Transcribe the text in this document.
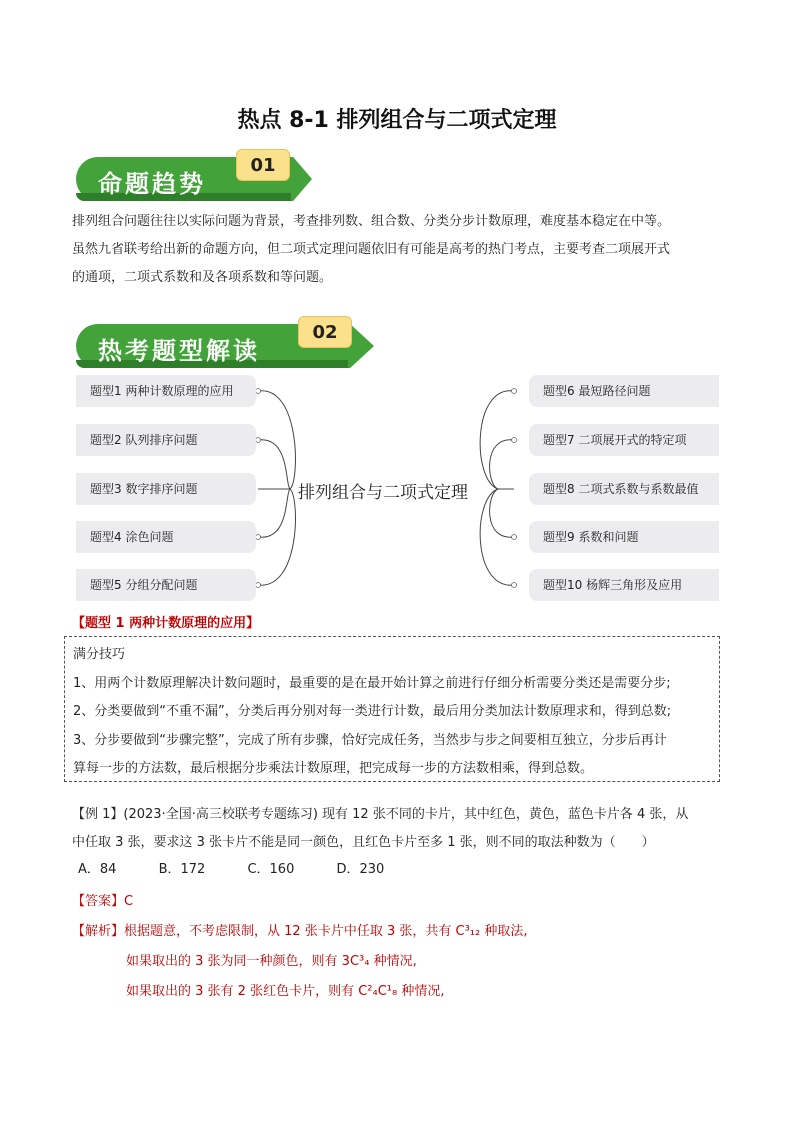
热点 8-1 排列组合与二项式定理
命题趋势
01
排列组合问题往往以实际问题为背景，考查排列数、组合数、分类分步计数原理，难度基本稳定在中等。
虽然九省联考给出新的命题方向，但二项式定理问题依旧有可能是高考的热门考点，主要考查二项展开式
的通项，二项式系数和及各项系数和等问题。
热考题型解读
02
题型1 两种计数原理的应用
题型2 队列排序问题
题型3 数字排序问题
题型4 涂色问题
题型5 分组分配问题
排列组合与二项式定理
题型6 最短路径问题
题型7 二项展开式的特定项
题型8 二项式系数与系数最值
题型9 系数和问题
题型10 杨辉三角形及应用
【题型 1 两种计数原理的应用】
满分技巧
1、用两个计数原理解决计数问题时，最重要的是在最开始计算之前进行仔细分析需要分类还是需要分步;
2、分类要做到“不重不漏”，分类后再分别对每一类进行计数，最后用分类加法计数原理求和，得到总数;
3、分步要做到“步骤完整”，完成了所有步骤，恰好完成任务，当然步与步之间要相互独立，分步后再计
算每一步的方法数，最后根据分步乘法计数原理，把完成每一步的方法数相乘，得到总数。
【例 1】(2023·全国·高三校联考专题练习) 现有 12 张不同的卡片，其中红色，黄色，蓝色卡片各 4 张，从
中任取 3 张，要求这 3 张卡片不能是同一颜色，且红色卡片至多 1 张，则不同的取法种数为（　　）
A．84	B．172	C．160	D．230
【答案】C
【解析】根据题意，不考虑限制，从 12 张卡片中任取 3 张，共有 C³₁₂ 种取法,
如果取出的 3 张为同一种颜色，则有 3C³₄ 种情况,
如果取出的 3 张有 2 张红色卡片，则有 C²₄C¹₈ 种情况,
